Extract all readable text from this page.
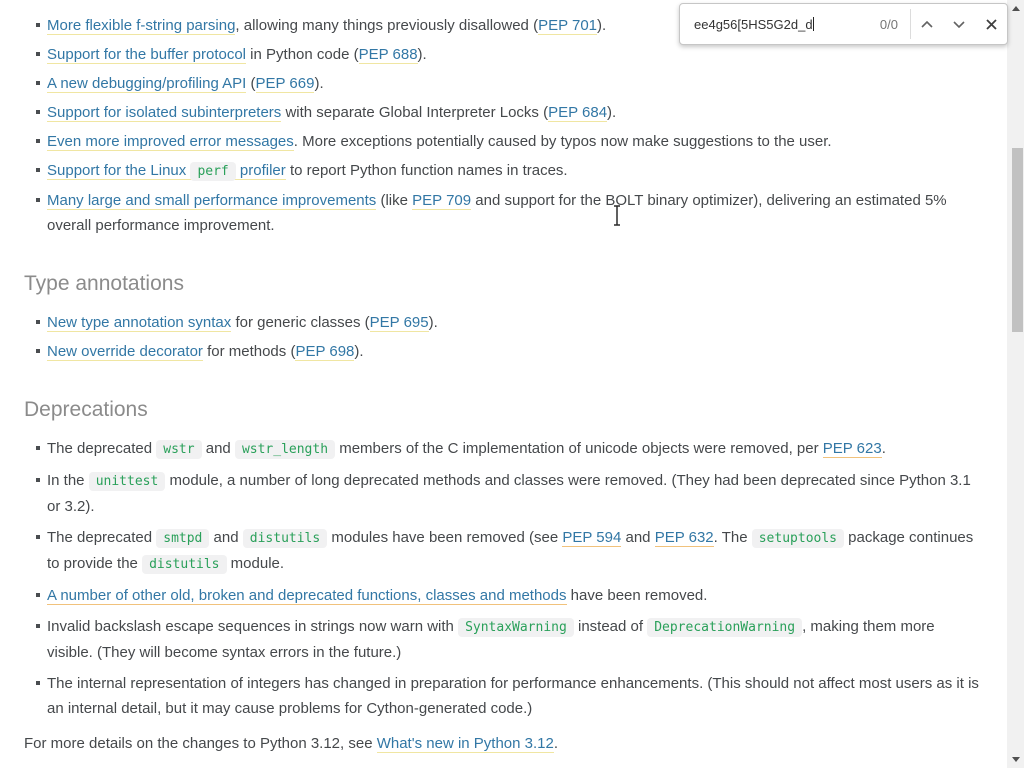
More flexible f-string parsing, allowing many things previously disallowed (PEP 701).
Support for the buffer protocol in Python code (PEP 688).
A new debugging/profiling API (PEP 669).
Support for isolated subinterpreters with separate Global Interpreter Locks (PEP 684).
Even more improved error messages. More exceptions potentially caused by typos now make suggestions to the user.
Support for the Linux perf profiler to report Python function names in traces.
Many large and small performance improvements (like PEP 709 and support for the BOLT binary optimizer), delivering an estimated 5% overall performance improvement.
Type annotations
New type annotation syntax for generic classes (PEP 695).
New override decorator for methods (PEP 698).
Deprecations
The deprecated wstr and wstr_length members of the C implementation of unicode objects were removed, per PEP 623.
In the unittest module, a number of long deprecated methods and classes were removed. (They had been deprecated since Python 3.1 or 3.2).
The deprecated smtpd and distutils modules have been removed (see PEP 594 and PEP 632. The setuptools package continues to provide the distutils module.
A number of other old, broken and deprecated functions, classes and methods have been removed.
Invalid backslash escape sequences in strings now warn with SyntaxWarning instead of DeprecationWarning , making them more visible. (They will become syntax errors in the future.)
The internal representation of integers has changed in preparation for performance enhancements. (This should not affect most users as it is an internal detail, but it may cause problems for Cython-generated code.)

For more details on the changes to Python 3.12, see What's new in Python 3.12.

ee4g56[5HS5G2d_d	0/0
